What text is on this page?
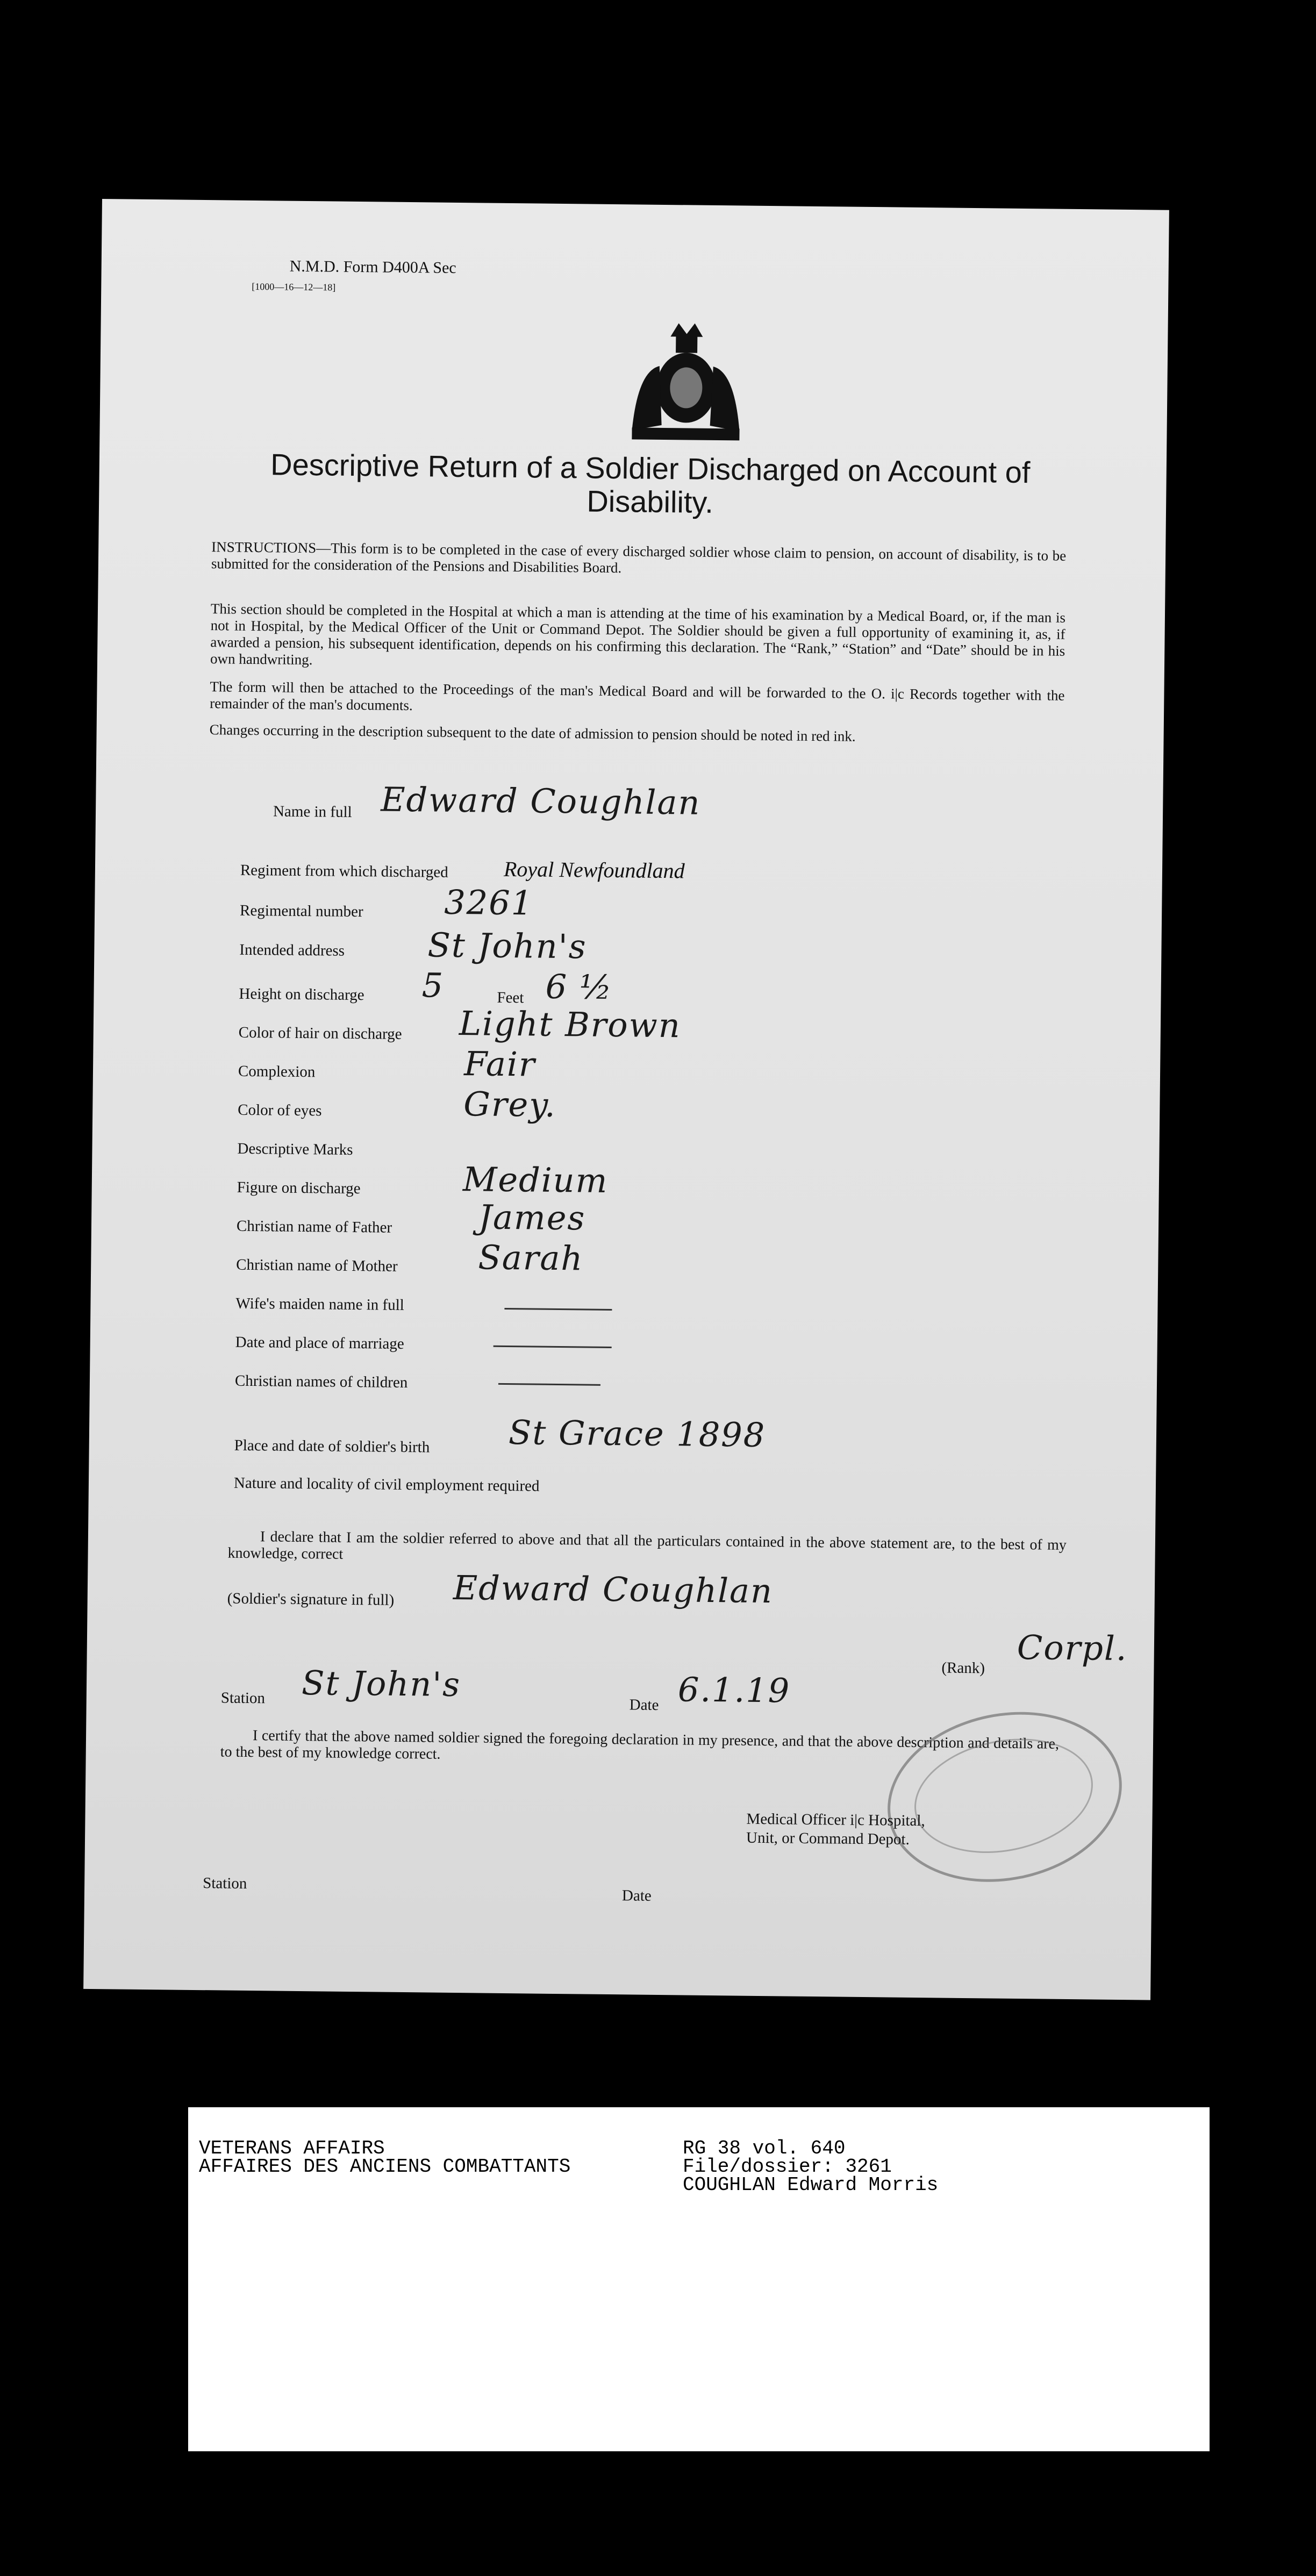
N.M.D. Form D400A Sec
[1000—16—12—18]
Descriptive Return of a Soldier Discharged on Account of Disability.
INSTRUCTIONS—This form is to be completed in the case of every discharged soldier whose claim to pension, on account of disability, is to be submitted for the consideration of the Pensions and Disabilities Board.
This section should be completed in the Hospital at which a man is attending at the time of his examination by a Medical Board, or, if the man is not in Hospital, by the Medical Officer of the Unit or Command Depot. The Soldier should be given a full opportunity of examining it, as, if awarded a pension, his subsequent identification, depends on his confirming this declaration. The “Rank,” “Station” and “Date” should be in his own handwriting.
The form will then be attached to the Proceedings of the man's Medical Board and will be forwarded to the O. i|c Records together with the remainder of the man's documents.
Changes occurring in the description subsequent to the date of admission to pension should be noted in red ink.
Name in full Edward Coughlan
Regiment from which discharged	Royal Newfoundland
Regimental number 3261
Intended address St John's
Height on discharge 5	Feet 6 ½
Color of hair on discharge Light Brown
Complexion	Fair
Color of eyes	Grey.
Descriptive Marks
Figure on discharge	Medium
Christian name of Father	James
Christian name of Mother Sarah
Wife's maiden name in full
Date and place of marriage
Christian names of children
Place and date of soldier's birth St Grace 1898
Nature and locality of civil employment required
I declare that I am the soldier referred to above and that all the particulars contained in the above statement are, to the best of my knowledge, correct
(Soldier's signature in full) Edward Coughlan
(Rank) Corpl.
Station St John's
Date 6.1.19
I certify that the above named soldier signed the foregoing declaration in my presence, and that the above description and details are, to the best of my knowledge correct.
Medical Officer i|c Hospital,
Unit, or Command Depot.
Station
Date
VETERANS AFFAIRS
AFFAIRES DES ANCIENS COMBATTANTS
RG 38 vol. 640
File/dossier: 3261
COUGHLAN Edward Morris
